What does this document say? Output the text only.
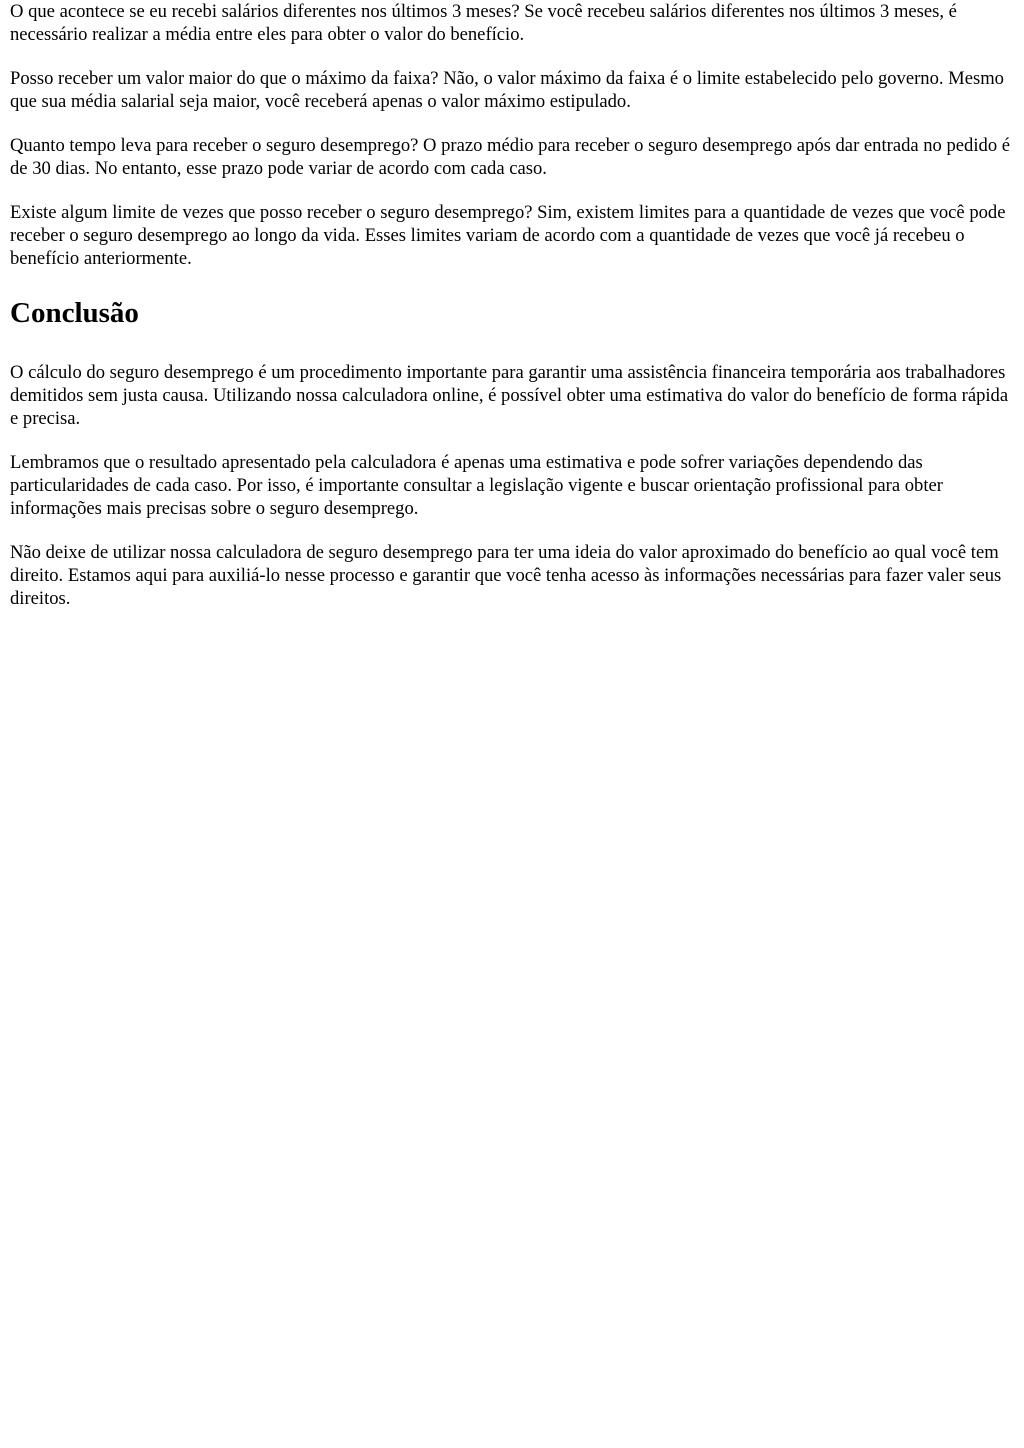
O que acontece se eu recebi salários diferentes nos últimos 3 meses? Se você recebeu salários diferentes nos últimos 3 meses, é necessário realizar a média entre eles para obter o valor do benefício.

Posso receber um valor maior do que o máximo da faixa? Não, o valor máximo da faixa é o limite estabelecido pelo governo. Mesmo que sua média salarial seja maior, você receberá apenas o valor máximo estipulado.

Quanto tempo leva para receber o seguro desemprego? O prazo médio para receber o seguro desemprego após dar entrada no pedido é de 30 dias. No entanto, esse prazo pode variar de acordo com cada caso.

Existe algum limite de vezes que posso receber o seguro desemprego? Sim, existem limites para a quantidade de vezes que você pode receber o seguro desemprego ao longo da vida. Esses limites variam de acordo com a quantidade de vezes que você já recebeu o benefício anteriormente.

Conclusão

O cálculo do seguro desemprego é um procedimento importante para garantir uma assistência financeira temporária aos trabalhadores demitidos sem justa causa. Utilizando nossa calculadora online, é possível obter uma estimativa do valor do benefício de forma rápida e precisa.

Lembramos que o resultado apresentado pela calculadora é apenas uma estimativa e pode sofrer variações dependendo das particularidades de cada caso. Por isso, é importante consultar a legislação vigente e buscar orientação profissional para obter informações mais precisas sobre o seguro desemprego.

Não deixe de utilizar nossa calculadora de seguro desemprego para ter uma ideia do valor aproximado do benefício ao qual você tem direito. Estamos aqui para auxiliá-lo nesse processo e garantir que você tenha acesso às informações necessárias para fazer valer seus direitos.
